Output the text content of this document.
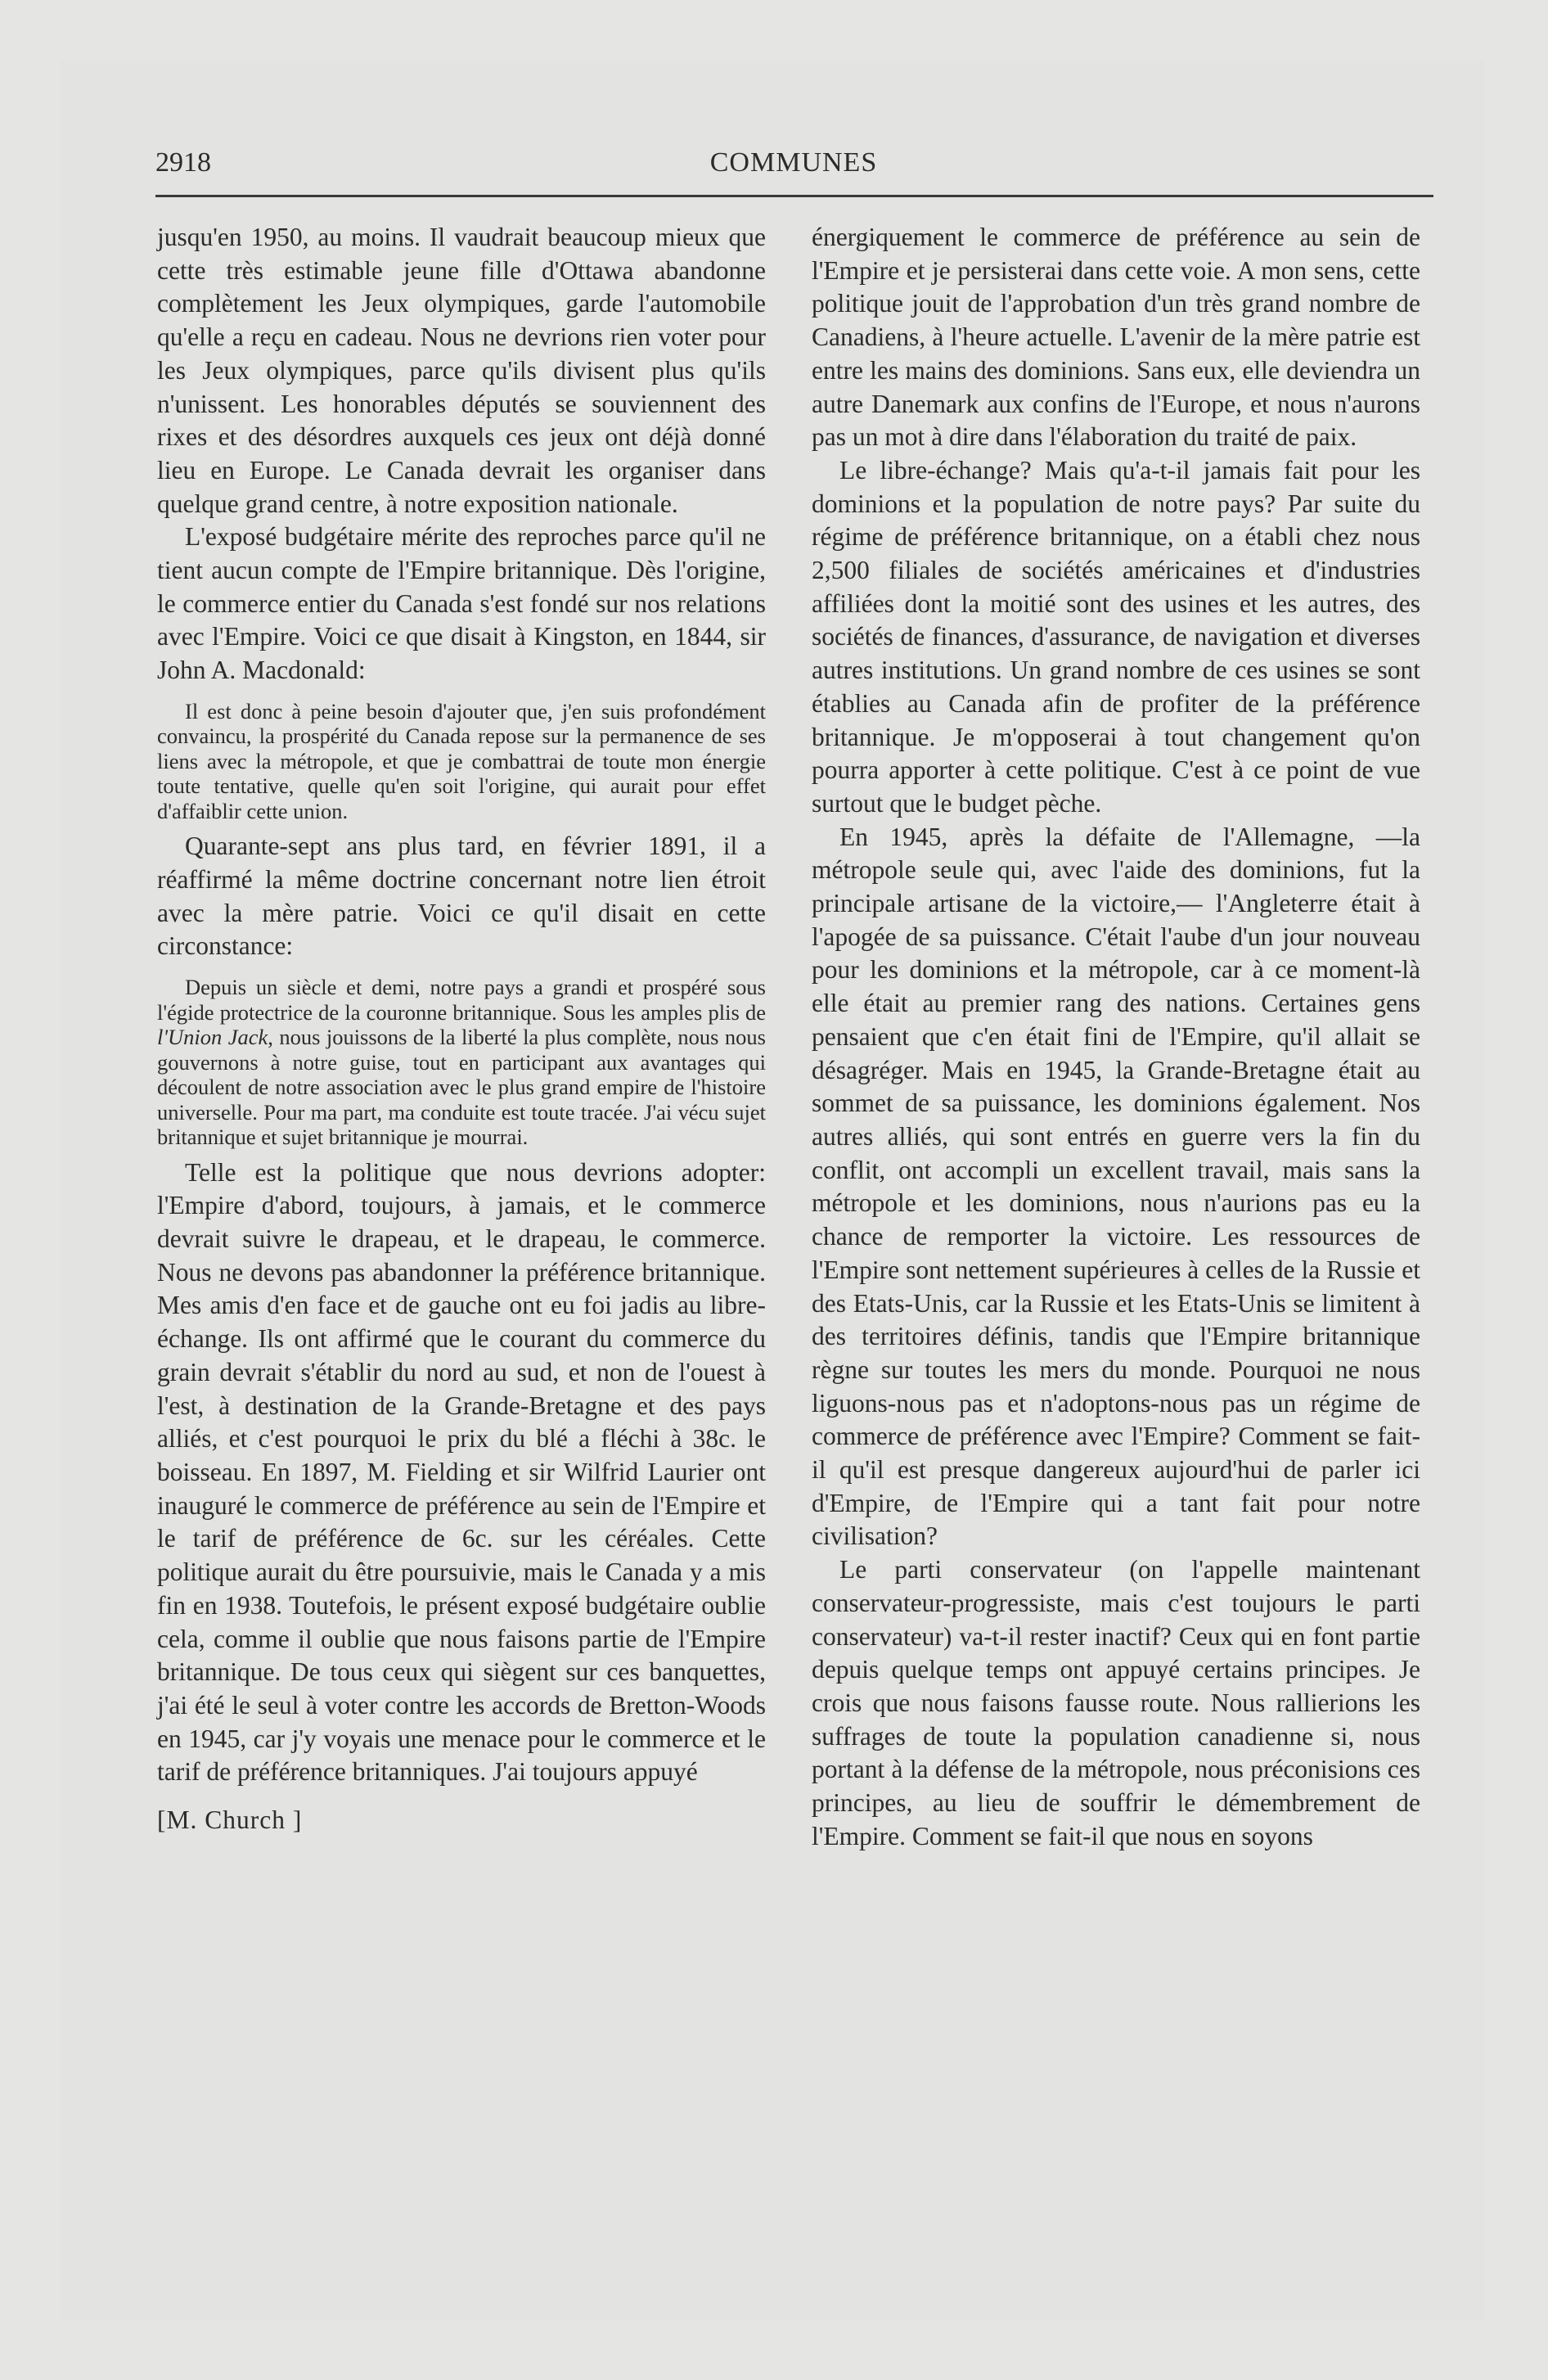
2918	COMMUNES

jusqu'en 1950, au moins. Il vaudrait beaucoup mieux que cette très estimable jeune fille d'Ottawa abandonne complètement les Jeux olympiques, garde l'automobile qu'elle a reçu en cadeau. Nous ne devrions rien voter pour les Jeux olympiques, parce qu'ils divisent plus qu'ils n'unissent. Les honorables députés se souviennent des rixes et des désordres auxquels ces jeux ont déjà donné lieu en Europe. Le Canada devrait les organiser dans quelque grand centre, à notre exposition nationale.

L'exposé budgétaire mérite des reproches parce qu'il ne tient aucun compte de l'Empire britannique. Dès l'origine, le commerce entier du Canada s'est fondé sur nos relations avec l'Empire. Voici ce que disait à Kingston, en 1844, sir John A. Macdonald:

Il est donc à peine besoin d'ajouter que, j'en suis profondément convaincu, la prospérité du Canada repose sur la permanence de ses liens avec la métropole, et que je combattrai de toute mon énergie toute tentative, quelle qu'en soit l'origine, qui aurait pour effet d'affaiblir cette union.

Quarante-sept ans plus tard, en février 1891, il a réaffirmé la même doctrine concernant notre lien étroit avec la mère patrie. Voici ce qu'il disait en cette circonstance:

Depuis un siècle et demi, notre pays a grandi et prospéré sous l'égide protectrice de la couronne britannique. Sous les amples plis de l'Union Jack, nous jouissons de la liberté la plus complète, nous nous gouvernons à notre guise, tout en participant aux avantages qui découlent de notre association avec le plus grand empire de l'histoire universelle. Pour ma part, ma conduite est toute tracée. J'ai vécu sujet britannique et sujet britannique je mourrai.

Telle est la politique que nous devrions adopter: l'Empire d'abord, toujours, à jamais, et le commerce devrait suivre le drapeau, et le drapeau, le commerce. Nous ne devons pas abandonner la préférence britannique. Mes amis d'en face et de gauche ont eu foi jadis au libre-échange. Ils ont affirmé que le courant du commerce du grain devrait s'établir du nord au sud, et non de l'ouest à l'est, à destination de la Grande-Bretagne et des pays alliés, et c'est pourquoi le prix du blé a fléchi à 38c. le boisseau. En 1897, M. Fielding et sir Wilfrid Laurier ont inauguré le commerce de préférence au sein de l'Empire et le tarif de préférence de 6c. sur les céréales. Cette politique aurait du être poursuivie, mais le Canada y a mis fin en 1938. Toutefois, le présent exposé budgétaire oublie cela, comme il oublie que nous faisons partie de l'Empire britannique. De tous ceux qui siègent sur ces banquettes, j'ai été le seul à voter contre les accords de Bretton-Woods en 1945, car j'y voyais une menace pour le commerce et le tarif de préférence britanniques. J'ai toujours appuyé

[M. Church ]

énergiquement le commerce de préférence au sein de l'Empire et je persisterai dans cette voie. A mon sens, cette politique jouit de l'approbation d'un très grand nombre de Canadiens, à l'heure actuelle. L'avenir de la mère patrie est entre les mains des dominions. Sans eux, elle deviendra un autre Danemark aux confins de l'Europe, et nous n'aurons pas un mot à dire dans l'élaboration du traité de paix.

Le libre-échange? Mais qu'a-t-il jamais fait pour les dominions et la population de notre pays? Par suite du régime de préférence britannique, on a établi chez nous 2,500 filiales de sociétés américaines et d'industries affiliées dont la moitié sont des usines et les autres, des sociétés de finances, d'assurance, de navigation et diverses autres institutions. Un grand nombre de ces usines se sont établies au Canada afin de profiter de la préférence britannique. Je m'opposerai à tout changement qu'on pourra apporter à cette politique. C'est à ce point de vue surtout que le budget pèche.

En 1945, après la défaite de l'Allemagne, —la métropole seule qui, avec l'aide des dominions, fut la principale artisane de la victoire,— l'Angleterre était à l'apogée de sa puissance. C'était l'aube d'un jour nouveau pour les dominions et la métropole, car à ce moment-là elle était au premier rang des nations. Certaines gens pensaient que c'en était fini de l'Empire, qu'il allait se désagréger. Mais en 1945, la Grande-Bretagne était au sommet de sa puissance, les dominions également. Nos autres alliés, qui sont entrés en guerre vers la fin du conflit, ont accompli un excellent travail, mais sans la métropole et les dominions, nous n'aurions pas eu la chance de remporter la victoire. Les ressources de l'Empire sont nettement supérieures à celles de la Russie et des Etats-Unis, car la Russie et les Etats-Unis se limitent à des territoires définis, tandis que l'Empire britannique règne sur toutes les mers du monde. Pourquoi ne nous liguons-nous pas et n'adoptons-nous pas un régime de commerce de préférence avec l'Empire? Comment se fait-il qu'il est presque dangereux aujourd'hui de parler ici d'Empire, de l'Empire qui a tant fait pour notre civilisation?

Le parti conservateur (on l'appelle maintenant conservateur-progressiste, mais c'est toujours le parti conservateur) va-t-il rester inactif? Ceux qui en font partie depuis quelque temps ont appuyé certains principes. Je crois que nous faisons fausse route. Nous rallierions les suffrages de toute la population canadienne si, nous portant à la défense de la métropole, nous préconisions ces principes, au lieu de souffrir le démembrement de l'Empire. Comment se fait-il que nous en soyons
